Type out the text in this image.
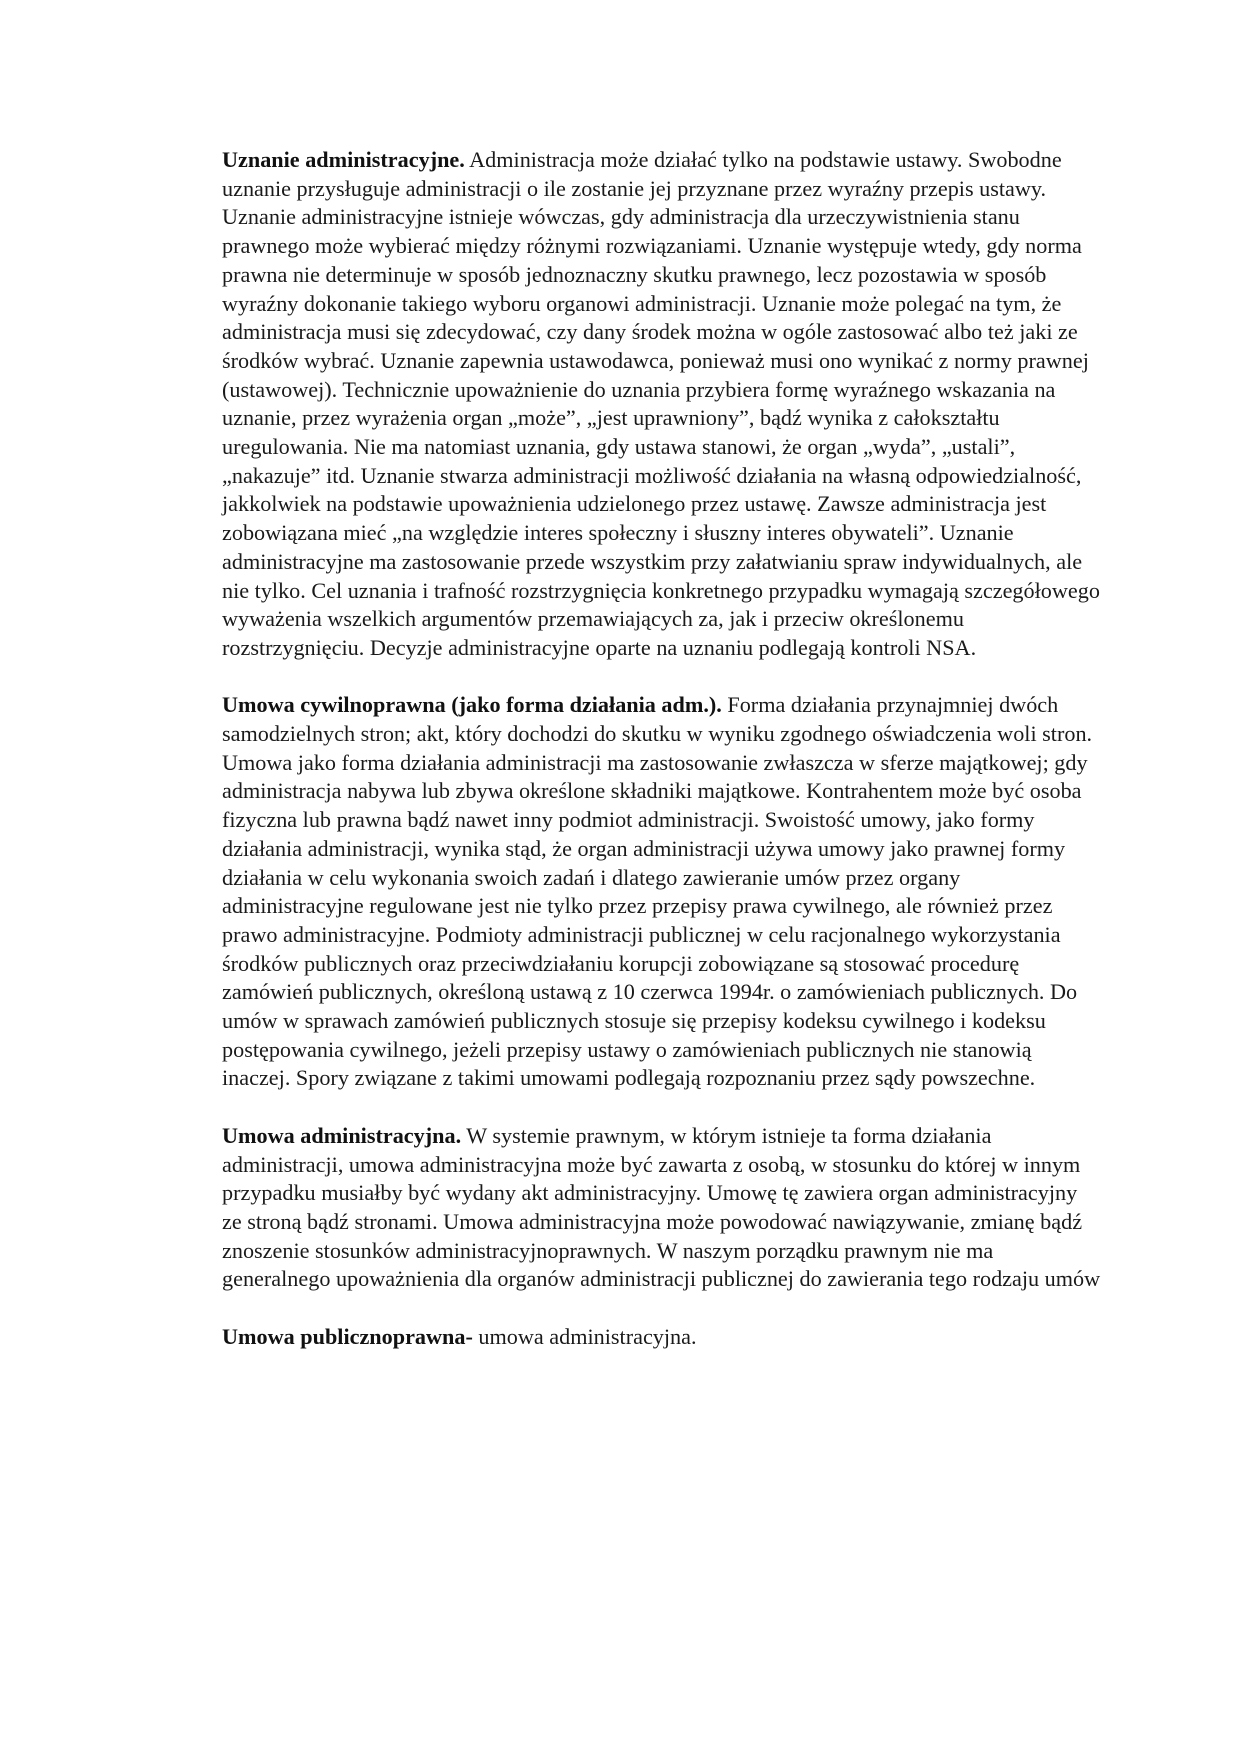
Uznanie administracyjne. Administracja może działać tylko na podstawie ustawy. Swobodne uznanie przysługuje administracji o ile zostanie jej przyznane przez wyraźny przepis ustawy. Uznanie administracyjne istnieje wówczas, gdy administracja dla urzeczywistnienia stanu prawnego może wybierać między różnymi rozwiązaniami. Uznanie występuje wtedy, gdy norma prawna nie determinuje w sposób jednoznaczny skutku prawnego, lecz pozostawia w sposób wyraźny dokonanie takiego wyboru organowi administracji. Uznanie może polegać na tym, że administracja musi się zdecydować, czy dany środek można w ogóle zastosować albo też jaki ze środków wybrać. Uznanie zapewnia ustawodawca, ponieważ musi ono wynikać z normy prawnej (ustawowej). Technicznie upoważnienie do uznania przybiera formę wyraźnego wskazania na uznanie, przez wyrażenia organ „może”, „jest uprawniony”, bądź wynika z całokształtu uregulowania. Nie ma natomiast uznania, gdy ustawa stanowi, że organ „wyda”, „ustali”, „nakazuje” itd. Uznanie stwarza administracji możliwość działania na własną odpowiedzialność, jakkolwiek na podstawie upoważnienia udzielonego przez ustawę. Zawsze administracja jest zobowiązana mieć „na względzie interes społeczny i słuszny interes obywateli”. Uznanie administracyjne ma zastosowanie przede wszystkim przy załatwianiu spraw indywidualnych, ale nie tylko. Cel uznania i trafność rozstrzygnięcia konkretnego przypadku wymagają szczegółowego wyważenia wszelkich argumentów przemawiających za, jak i przeciw określonemu rozstrzygnięciu. Decyzje administracyjne oparte na uznaniu podlegają kontroli NSA.

Umowa cywilnoprawna (jako forma działania adm.). Forma działania przynajmniej dwóch samodzielnych stron; akt, który dochodzi do skutku w wyniku zgodnego oświadczenia woli stron. Umowa jako forma działania administracji ma zastosowanie zwłaszcza w sferze majątkowej; gdy administracja nabywa lub zbywa określone składniki majątkowe. Kontrahentem może być osoba fizyczna lub prawna bądź nawet inny podmiot administracji. Swoistość umowy, jako formy działania administracji, wynika stąd, że organ administracji używa umowy jako prawnej formy działania w celu wykonania swoich zadań i dlatego zawieranie umów przez organy administracyjne regulowane jest nie tylko przez przepisy prawa cywilnego, ale również przez prawo administracyjne. Podmioty administracji publicznej w celu racjonalnego wykorzystania środków publicznych oraz przeciwdziałaniu korupcji zobowiązane są stosować procedurę zamówień publicznych, określoną ustawą z 10 czerwca 1994r. o zamówieniach publicznych. Do umów w sprawach zamówień publicznych stosuje się przepisy kodeksu cywilnego i kodeksu postępowania cywilnego, jeżeli przepisy ustawy o zamówieniach publicznych nie stanowią inaczej. Spory związane z takimi umowami podlegają rozpoznaniu przez sądy powszechne.

Umowa administracyjna. W systemie prawnym, w którym istnieje ta forma działania administracji, umowa administracyjna może być zawarta z osobą, w stosunku do której w innym przypadku musiałby być wydany akt administracyjny. Umowę tę zawiera organ administracyjny ze stroną bądź stronami. Umowa administracyjna może powodować nawiązywanie, zmianę bądź znoszenie stosunków administracyjnoprawnych. W naszym porządku prawnym nie ma generalnego upoważnienia dla organów administracji publicznej do zawierania tego rodzaju umów

Umowa publicznoprawna- umowa administracyjna.
